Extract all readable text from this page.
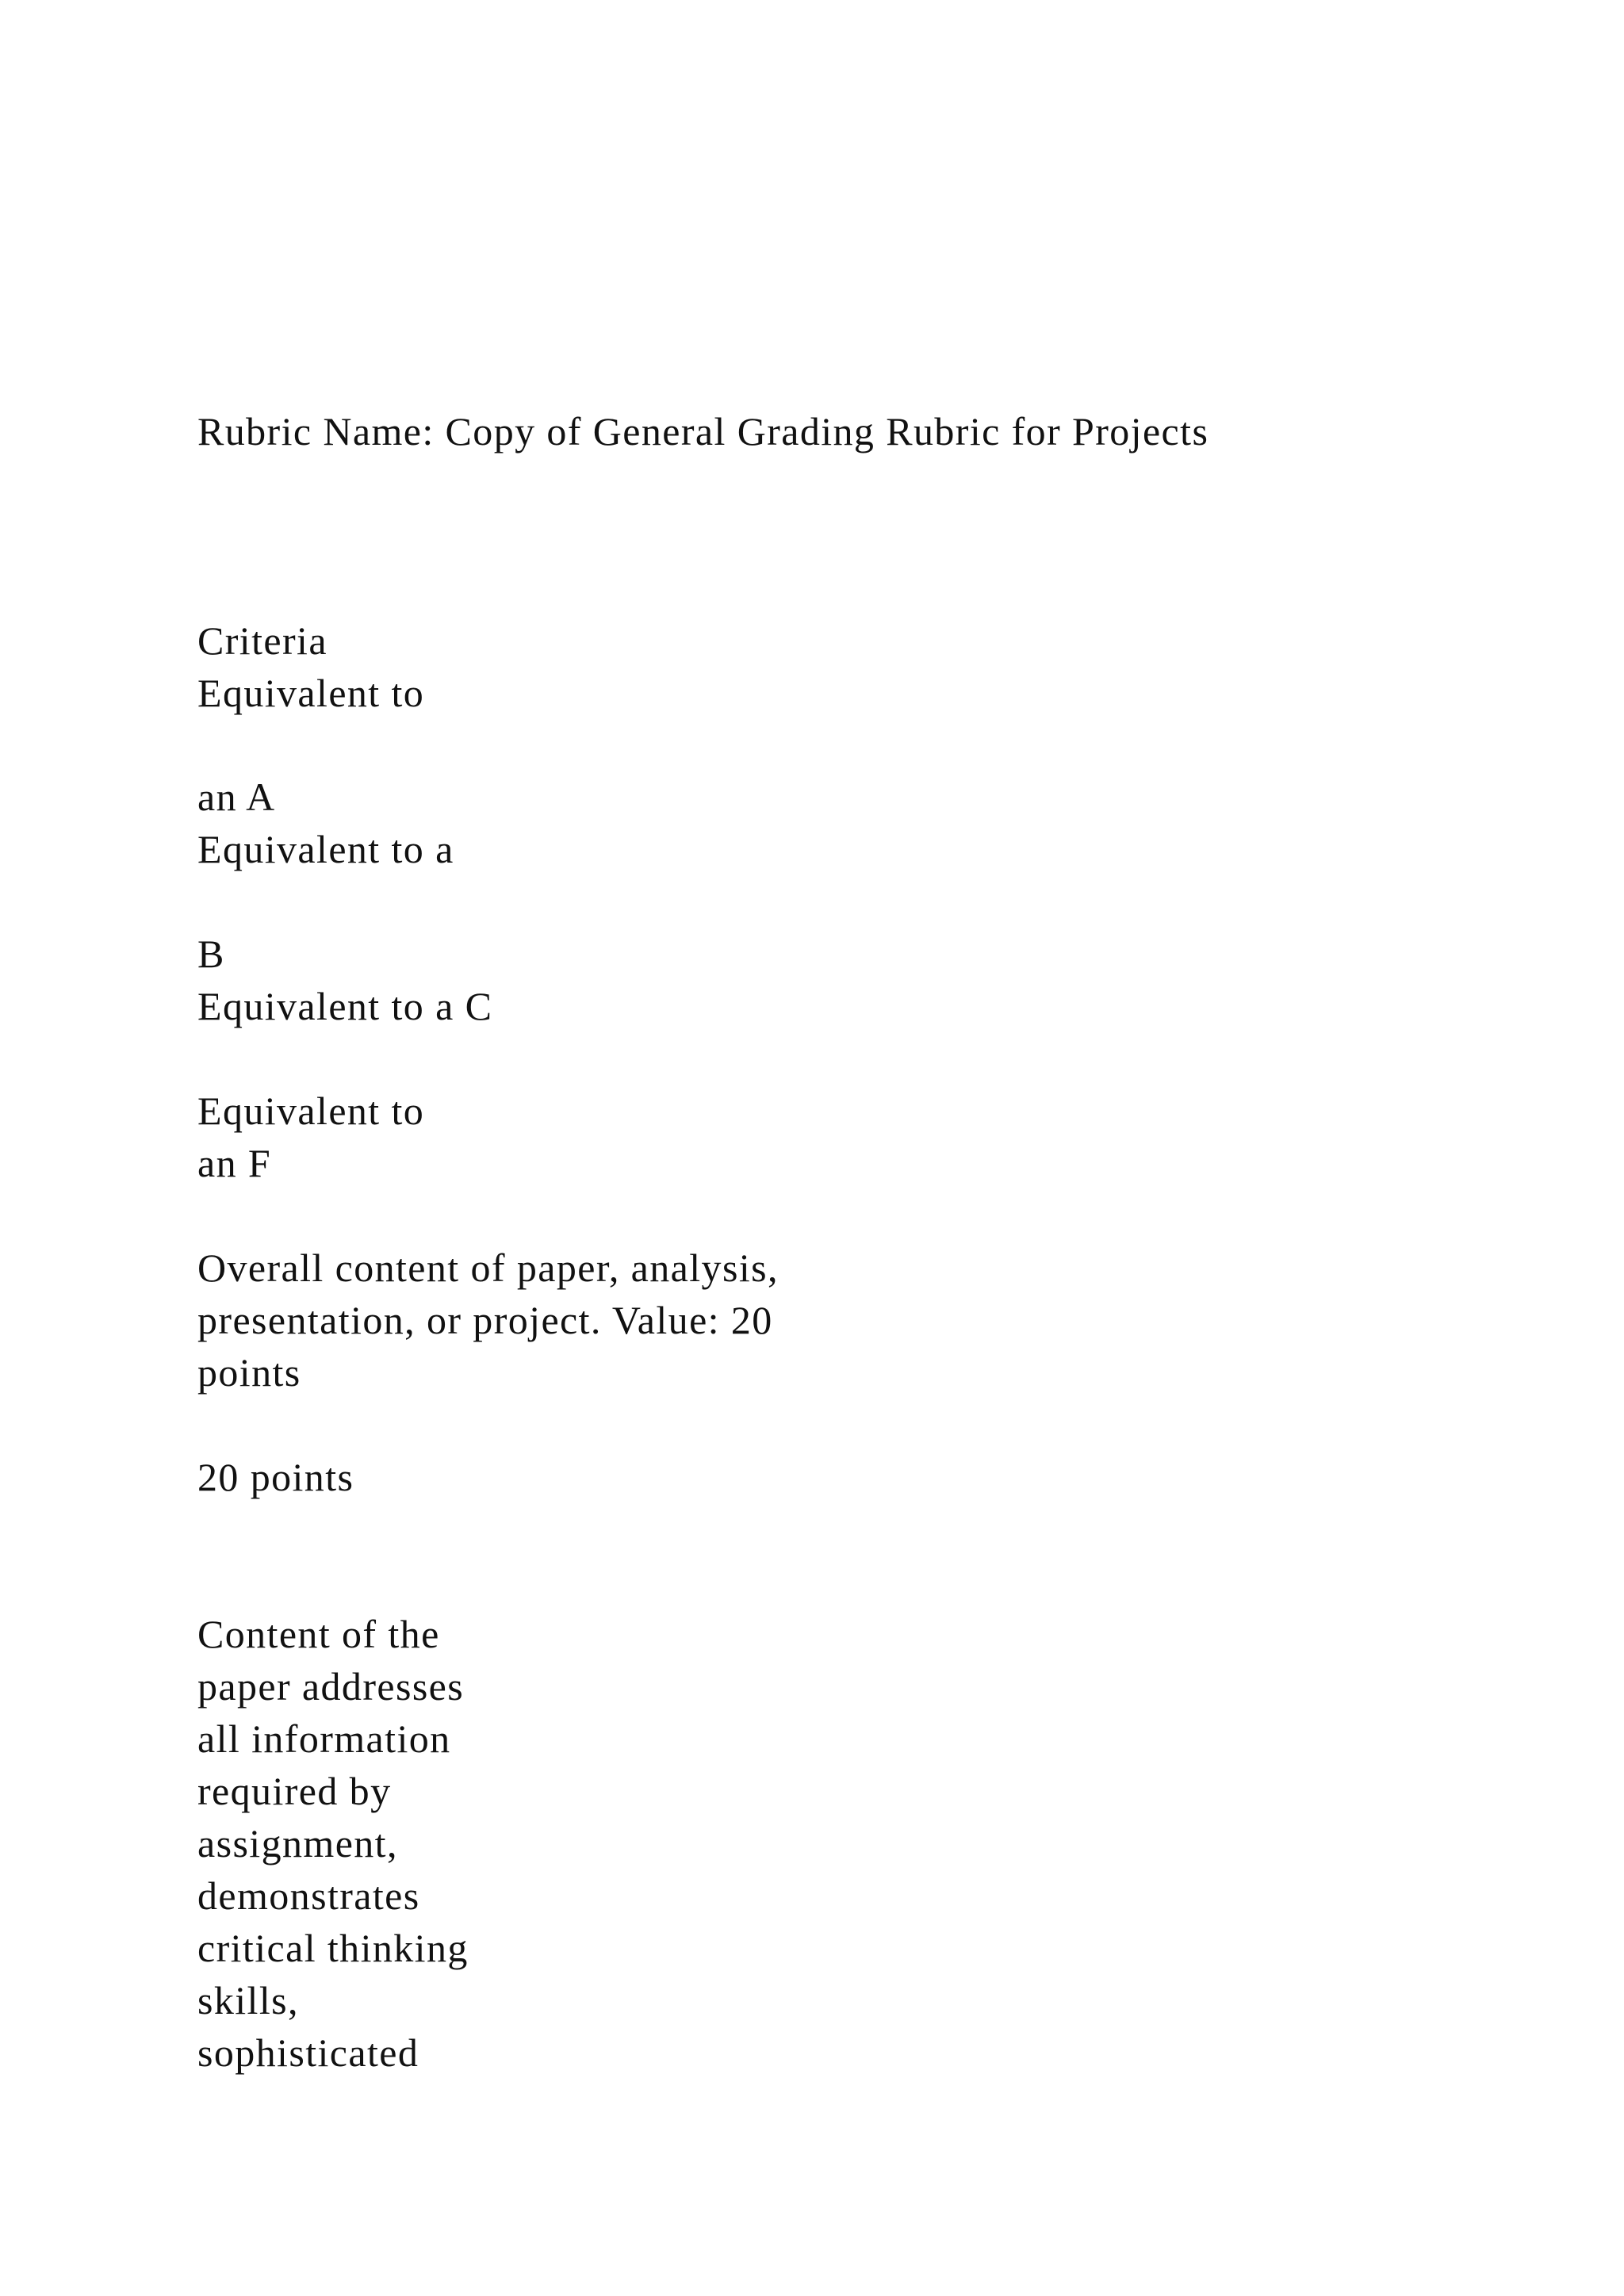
Rubric Name: Copy of General Grading Rubric for Projects

Criteria

Equivalent to

an A

Equivalent to a

B

Equivalent to a C

Equivalent to

an F

Overall content of paper, analysis,

presentation, or project. Value: 20

points

20 points

Content of the

paper addresses

all information

required by

assignment,

demonstrates

critical thinking

skills,

sophisticated
